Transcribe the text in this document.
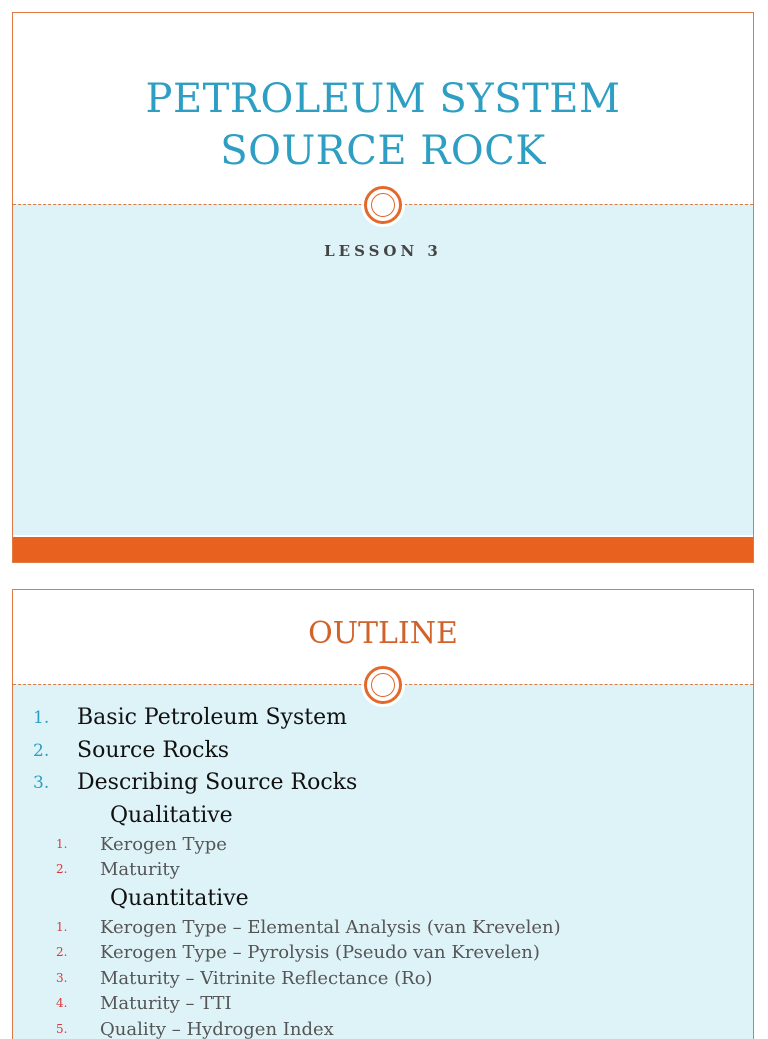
PETROLEUM SYSTEM
SOURCE ROCK
LESSON 3
OUTLINE
1. Basic Petroleum System
2. Source Rocks
3. Describing Source Rocks
Qualitative
1. Kerogen Type
2. Maturity
Quantitative
1. Kerogen Type – Elemental Analysis (van Krevelen)
2. Kerogen Type – Pyrolysis (Pseudo van Krevelen)
3. Maturity – Vitrinite Reflectance (Ro)
4. Maturity – TTI
5. Quality – Hydrogen Index
